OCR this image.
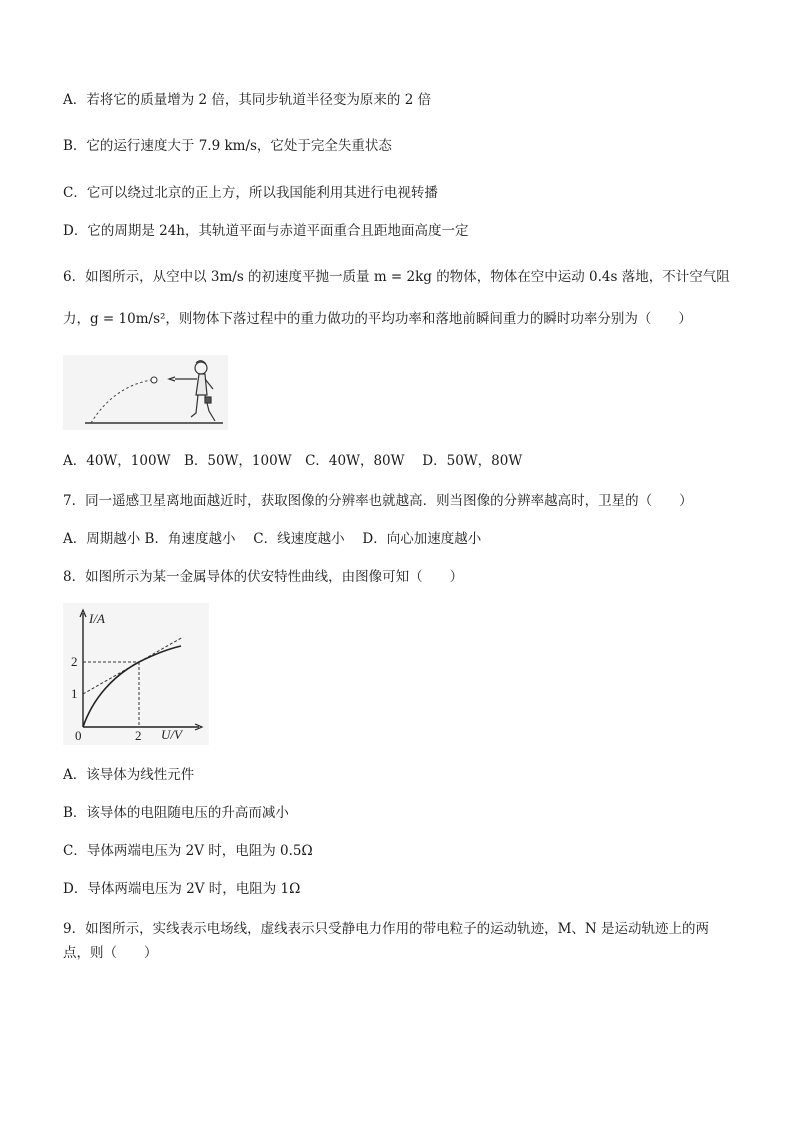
A．若将它的质量增为 2 倍，其同步轨道半径变为原来的 2 倍
B．它的运行速度大于 7.9 km/s，它处于完全失重状态
C．它可以绕过北京的正上方，所以我国能利用其进行电视转播
D．它的周期是 24h，其轨道平面与赤道平面重合且距地面高度一定
6．如图所示，从空中以 3m/s 的初速度平抛一质量 m = 2kg 的物体，物体在空中运动 0.4s 落地，不计空气阻
力，g = 10m/s²，则物体下落过程中的重力做功的平均功率和落地前瞬间重力的瞬时功率分别为（　　）
A．40W，100W　B．50W，100W　C．40W，80W　 D．50W，80W
7．同一遥感卫星离地面越近时，获取图像的分辨率也就越高．则当图像的分辨率越高时，卫星的（　　）
A．周期越小 B．角速度越小　 C．线速度越小　 D．向心加速度越小
8．如图所示为某一金属导体的伏安特性曲线，由图像可知（　　）
I/A
U/V
2
1
0	2
A．该导体为线性元件
B．该导体的电阻随电压的升高而减小
C．导体两端电压为 2V 时，电阻为 0.5Ω
D．导体两端电压为 2V 时，电阻为 1Ω
9．如图所示，实线表示电场线，虚线表示只受静电力作用的带电粒子的运动轨迹，M、N 是运动轨迹上的两
点，则（　　）
